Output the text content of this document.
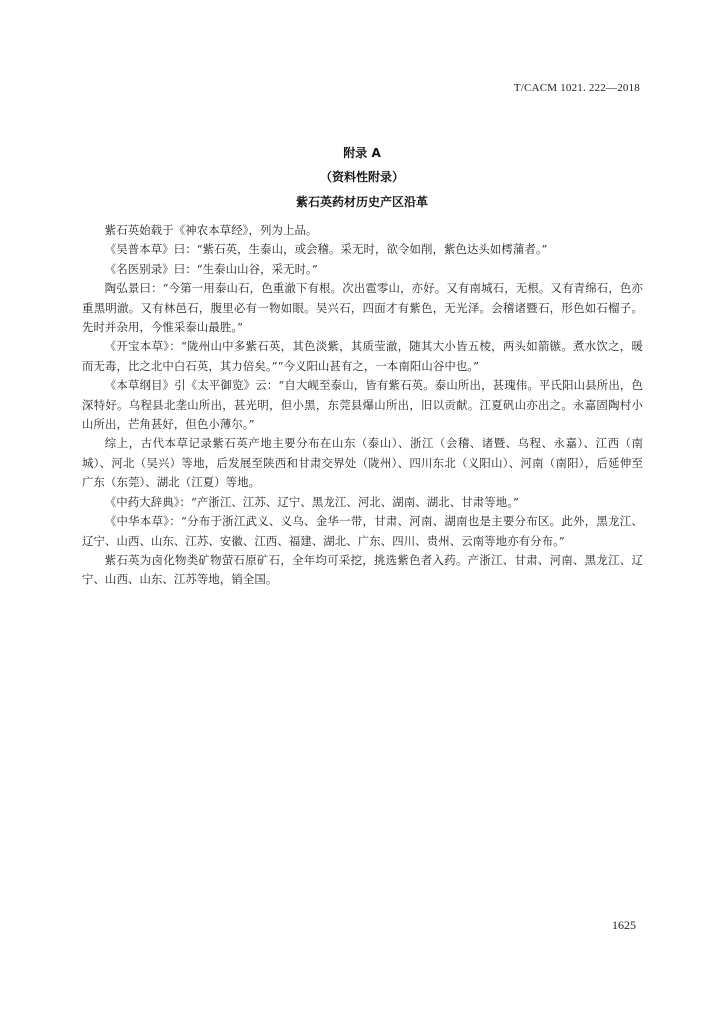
T/CACM 1021. 222—2018
附录 A
（资料性附录）
紫石英药材历史产区沿革

紫石英始载于《神农本草经》，列为上品。

《吴普本草》曰：“紫石英，生泰山，或会稽。采无时，欲令如削，紫色达头如樗蒲者。”

《名医别录》曰：“生泰山山谷，采无时。”

陶弘景曰：“今第一用泰山石，色重澈下有根。次出雹零山，亦好。又有南城石，无根。又有青绵石，色亦重黑明澈。又有林邑石，腹里必有一物如眼。吴兴石，四面才有紫色，无光泽。会稽诸暨石，形色如石榴子。先时并杂用，今惟采泰山最胜。”

《开宝本草》：“陇州山中多紫石英，其色淡紫，其质莹澈，随其大小皆五棱，两头如箭镞。煮水饮之，暖而无毒，比之北中白石英，其力倍矣。”“今义阳山甚有之，一本南阳山谷中也。”

《本草纲目》引《太平御览》云：“自大岘至泰山，皆有紫石英。泰山所出，甚瑰伟。平氏阳山县所出，色深特好。乌程县北垄山所出，甚光明，但小黑，东莞县爆山所出，旧以贡献。江夏矾山亦出之。永嘉固陶村小山所出，芒角甚好，但色小薄尔。”

综上，古代本草记录紫石英产地主要分布在山东（泰山）、浙江（会稽、诸暨、乌程、永嘉）、江西（南城）、河北（吴兴）等地，后发展至陕西和甘肃交界处（陇州）、四川东北（义阳山）、河南（南阳），后延伸至广东（东莞）、湖北（江夏）等地。

《中药大辞典》：“产浙江、江苏、辽宁、黑龙江、河北、湖南、湖北、甘肃等地。”

《中华本草》：“分布于浙江武义、义乌、金华一带，甘肃、河南、湖南也是主要分布区。此外，黑龙江、辽宁、山西、山东、江苏、安徽、江西、福建、湖北、广东、四川、贵州、云南等地亦有分布。”

紫石英为卤化物类矿物萤石原矿石，全年均可采挖，挑选紫色者入药。产浙江、甘肃、河南、黑龙江、辽宁、山西、山东、江苏等地，销全国。

1625
